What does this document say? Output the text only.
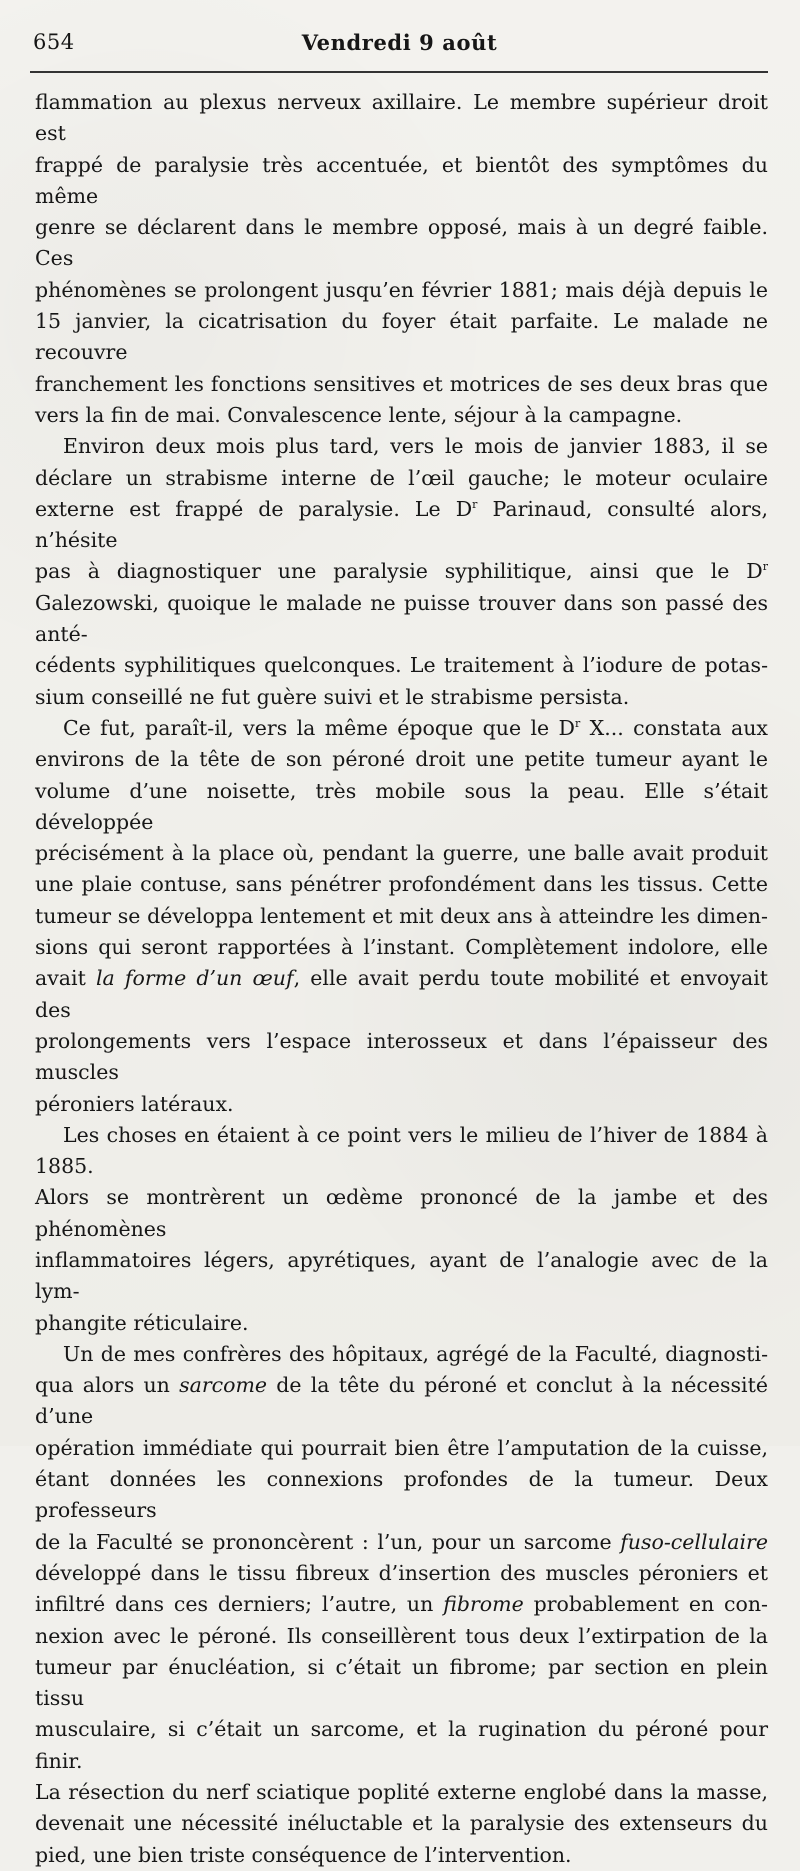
654	Vendredi 9 août

flammation au plexus nerveux axillaire. Le membre supérieur droit est
frappé de paralysie très accentuée, et bientôt des symptômes du même
genre se déclarent dans le membre opposé, mais à un degré faible. Ces
phénomènes se prolongent jusqu’en février 1881; mais déjà depuis le
15 janvier, la cicatrisation du foyer était parfaite. Le malade ne recouvre
franchement les fonctions sensitives et motrices de ses deux bras que
vers la fin de mai. Convalescence lente, séjour à la campagne.

Environ deux mois plus tard, vers le mois de janvier 1883, il se
déclare un strabisme interne de l’œil gauche; le moteur oculaire
externe est frappé de paralysie. Le $D^r$ Parinaud, consulté alors, n’hésite
pas à diagnostiquer une paralysie syphilitique, ainsi que le $D^r$ Galezowski, quoique le malade ne puisse trouver dans son passé des anté-
cédents syphilitiques quelconques. Le traitement à l’iodure de potas-
sium conseillé ne fut guère suivi et le strabisme persista.

Ce fut, paraît-il, vers la même époque que le $D^r$ X... constata aux
environs de la tête de son péroné droit une petite tumeur ayant le
volume d’une noisette, très mobile sous la peau. Elle s’était développée
précisément à la place où, pendant la guerre, une balle avait produit
une plaie contuse, sans pénétrer profondément dans les tissus. Cette
tumeur se développa lentement et mit deux ans à atteindre les dimen-
sions qui seront rapportées à l’instant. Complètement indolore, elle
avait la forme d’un œuf, elle avait perdu toute mobilité et envoyait des
prolongements vers l’espace interosseux et dans l’épaisseur des muscles
péroniers latéraux.

Les choses en étaient à ce point vers le milieu de l’hiver de 1884 à 1885.
Alors se montrèrent un œdème prononcé de la jambe et des phénomènes
inflammatoires légers, apyrétiques, ayant de l’analogie avec de la lym-
phangite réticulaire.

Un de mes confrères des hôpitaux, agrégé de la Faculté, diagnosti-
qua alors un sarcome de la tête du péroné et conclut à la nécessité d’une
opération immédiate qui pourrait bien être l’amputation de la cuisse,
étant données les connexions profondes de la tumeur. Deux professeurs
de la Faculté se prononcèrent : l’un, pour un sarcome fuso-cellulaire
développé dans le tissu fibreux d’insertion des muscles péroniers et
infiltré dans ces derniers; l’autre, un fibrome probablement en con-
nexion avec le péroné. Ils conseillèrent tous deux l’extirpation de la
tumeur par énucléation, si c’était un fibrome; par section en plein tissu
musculaire, si c’était un sarcome, et la rugination du péroné pour finir.
La résection du nerf sciatique poplité externe englobé dans la masse,
devenait une nécessité inéluctable et la paralysie des extenseurs du
pied, une bien triste conséquence de l’intervention.
